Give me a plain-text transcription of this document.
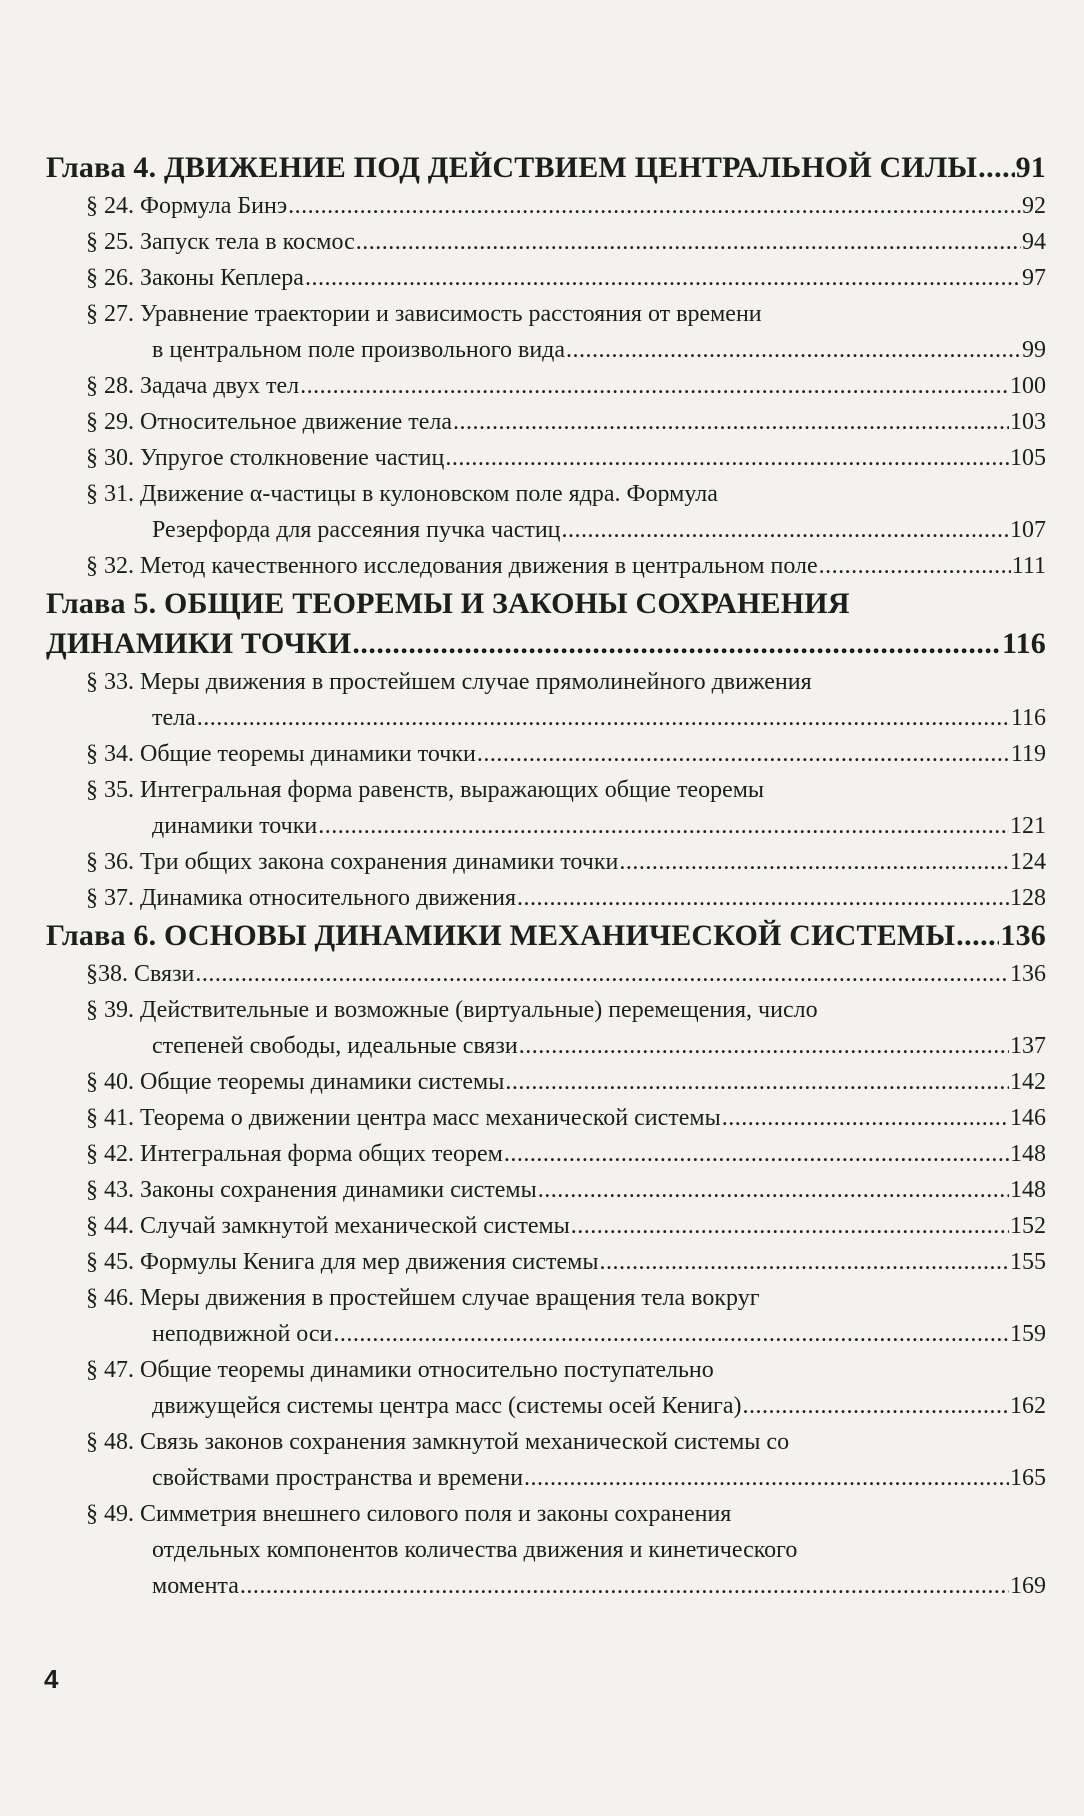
Глава 4. ДВИЖЕНИЕ ПОД ДЕЙСТВИЕМ ЦЕНТРАЛЬНОЙ СИЛЫ ..... 91
§ 24.
Формула Бинэ .....	92
§ 25.
Запуск тела в космос .....	94
§ 26.
Законы Кеплера .....	97
§ 27.
Уравнение траектории и зависимость расстояния от времени
в центральном поле произвольного вида .....	99
§ 28.
Задача двух тел .....	100
§ 29.
Относительное движение тела .....	103
§ 30.
Упругое столкновение частиц .....	105
§ 31.
Движение α-частицы в кулоновском поле ядра. Формула
Резерфорда для рассеяния пучка частиц .....	107
§ 32.
Метод качественного исследования движения в центральном поле .....	111
Глава 5. ОБЩИЕ ТЕОРЕМЫ И ЗАКОНЫ СОХРАНЕНИЯ
ДИНАМИКИ ТОЧКИ .....	116
§ 33.
Меры движения в простейшем случае прямолинейного движения
тела .....	116
§ 34.
Общие теоремы динамики точки .....	119
§ 35.
Интегральная форма равенств, выражающих общие теоремы
динамики точки .....	121
§ 36.
Три общих закона сохранения динамики точки .....	124
§ 37.
Динамика относительного движения .....	128
Глава 6. ОСНОВЫ ДИНАМИКИ МЕХАНИЧЕСКОЙ СИСТЕМЫ ..... 136
§38.
Связи .....	136
§ 39.
Действительные и возможные (виртуальные) перемещения, число
степеней свободы, идеальные связи .....	137
§ 40.
Общие теоремы динамики системы .....	142
§ 41.
Теорема о движении центра масс механической системы .....	146
§ 42.
Интегральная форма общих теорем .....	148
§ 43.
Законы сохранения динамики системы .....	148
§ 44.
Случай замкнутой механической системы .....	152
§ 45.
Формулы Кенига для мер движения системы .....	155
§ 46.
Меры движения в простейшем случае вращения тела вокруг
неподвижной оси .....	159
§ 47.
Общие теоремы динамики относительно поступательно
движущейся системы центра масс (системы осей Кенига) .....	162
§ 48.
Связь законов сохранения замкнутой механической системы со
свойствами пространства и времени .....	165
§ 49.
Симметрия внешнего силового поля и законы сохранения
отдельных компонентов количества движения и кинетического
момента .....	169
4
